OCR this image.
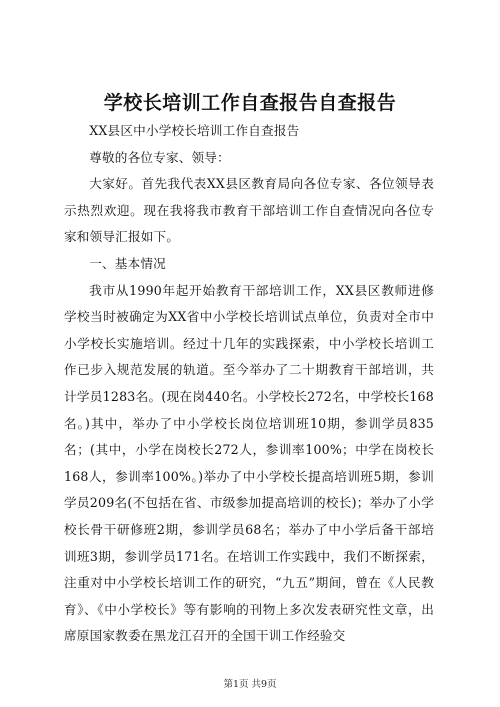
学校长培训工作自查报告自查报告

XX县区中小学校长培训工作自查报告

尊敬的各位专家、领导：

大家好。首先我代表XX县区教育局向各位专家、各位领导表示热烈欢迎。现在我将我市教育干部培训工作自查情况向各位专家和领导汇报如下。

一、基本情况

我市从1990年起开始教育干部培训工作，XX县区教师进修学校当时被确定为XX省中小学校长培训试点单位，负责对全市中小学校长实施培训。经过十几年的实践探索，中小学校长培训工作已步入规范发展的轨道。至今举办了二十期教育干部培训，共计学员1283名。(现在岗440名。小学校长272名，中学校长168名。)其中，举办了中小学校长岗位培训班10期，参训学员835名；(其中，小学在岗校长272人，参训率100%；中学在岗校长168人，参训率100%。)举办了中小学校长提高培训班5期，参训学员209名(不包括在省、市级参加提高培训的校长)；举办了小学校长骨干研修班2期，参训学员68名；举办了中小学后备干部培训班3期，参训学员171名。在培训工作实践中，我们不断探索，注重对中小学校长培训工作的研究，“九五”期间，曾在《人民教育》、《中小学校长》等有影响的刊物上多次发表研究性文章，出席原国家教委在黑龙江召开的全国干训工作经验交

第1页 共9页
